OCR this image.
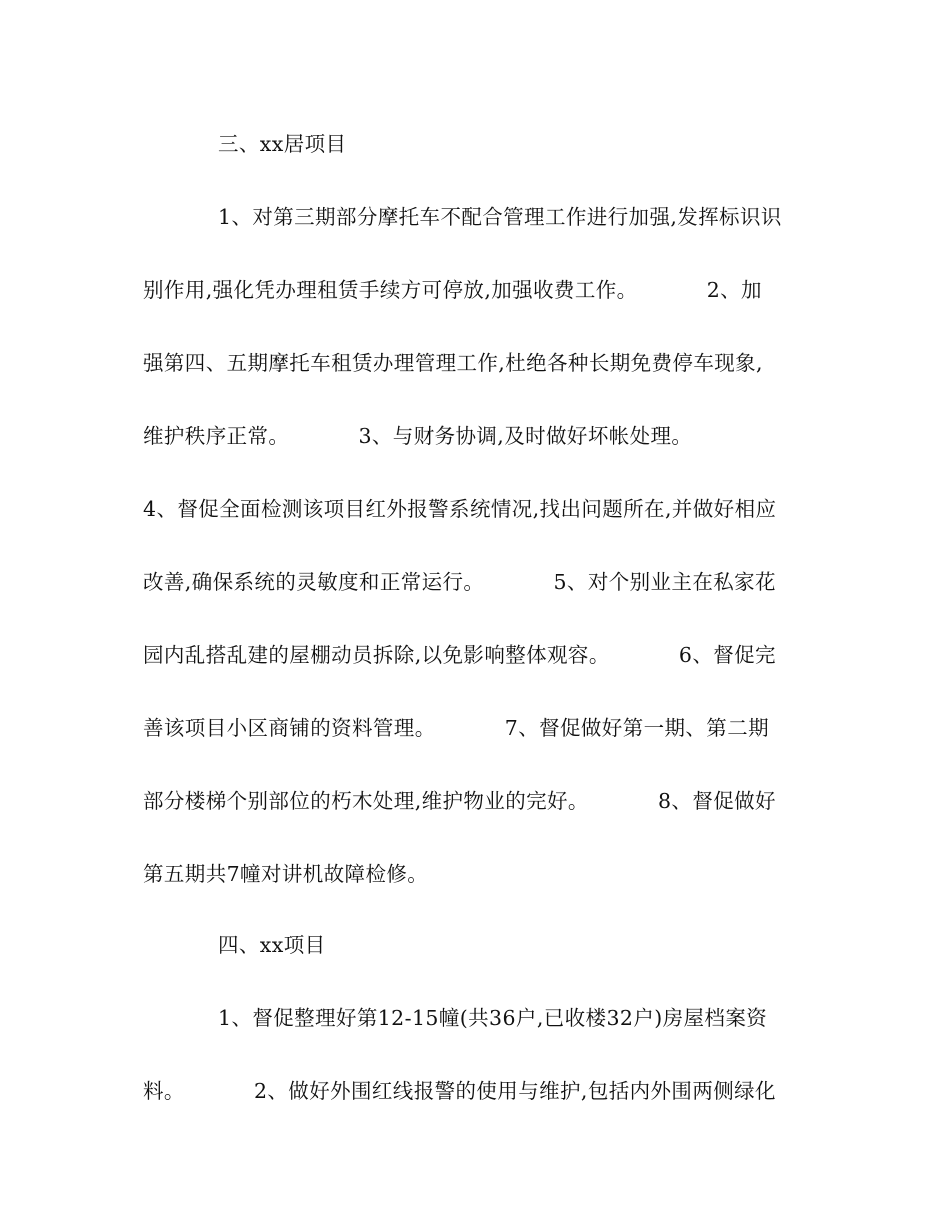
三、xx居项目
1、对第三期部分摩托车不配合管理工作进行加强,发挥标识识
别作用,强化凭办理租赁手续方可停放,加强收费工作。          2、加
强第四、五期摩托车租赁办理管理工作,杜绝各种长期免费停车现象,
维护秩序正常。          3、与财务协调,及时做好坏帐处理。
4、督促全面检测该项目红外报警系统情况,找出问题所在,并做好相应
改善,确保系统的灵敏度和正常运行。          5、对个别业主在私家花
园内乱搭乱建的屋棚动员拆除,以免影响整体观容。          6、督促完
善该项目小区商铺的资料管理。          7、督促做好第一期、第二期
部分楼梯个别部位的朽木处理,维护物业的完好。          8、督促做好
第五期共7幢对讲机故障检修。
四、xx项目
1、督促整理好第12-15幢(共36户,已收楼32户)房屋档案资
料。          2、做好外围红线报警的使用与维护,包括内外围两侧绿化
